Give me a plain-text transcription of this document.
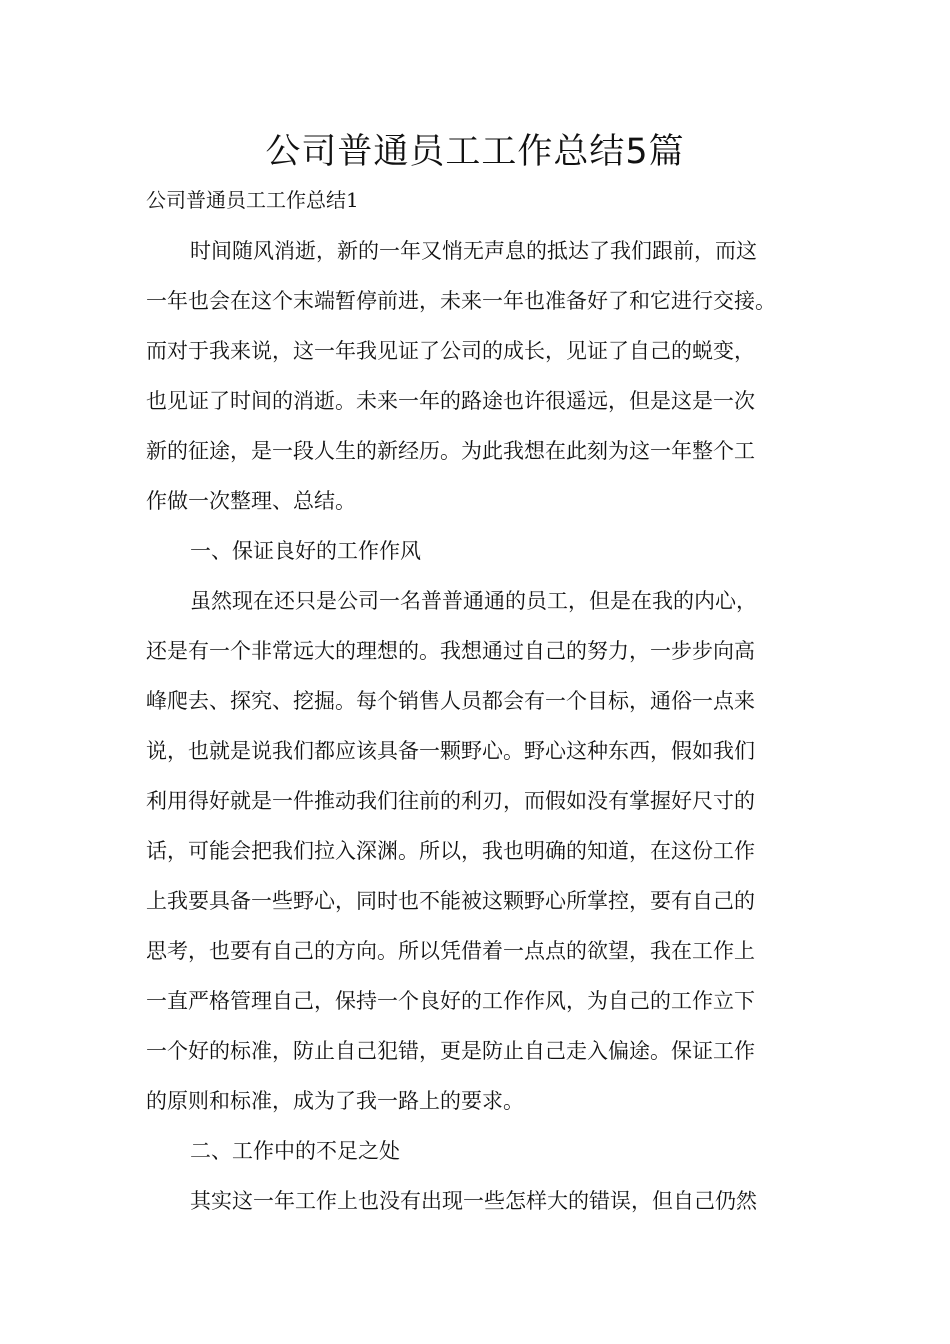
公司普通员工工作总结5篇
公司普通员工工作总结1
时间随风消逝，新的一年又悄无声息的抵达了我们跟前，而这
一年也会在这个末端暂停前进，未来一年也准备好了和它进行交接。
而对于我来说，这一年我见证了公司的成长，见证了自己的蜕变，
也见证了时间的消逝。未来一年的路途也许很遥远，但是这是一次
新的征途，是一段人生的新经历。为此我想在此刻为这一年整个工
作做一次整理、总结。
一、保证良好的工作作风
虽然现在还只是公司一名普普通通的员工，但是在我的内心，
还是有一个非常远大的理想的。我想通过自己的努力，一步步向高
峰爬去、探究、挖掘。每个销售人员都会有一个目标，通俗一点来
说，也就是说我们都应该具备一颗野心。野心这种东西，假如我们
利用得好就是一件推动我们往前的利刃，而假如没有掌握好尺寸的
话，可能会把我们拉入深渊。所以，我也明确的知道，在这份工作
上我要具备一些野心，同时也不能被这颗野心所掌控，要有自己的
思考，也要有自己的方向。所以凭借着一点点的欲望，我在工作上
一直严格管理自己，保持一个良好的工作作风，为自己的工作立下
一个好的标准，防止自己犯错，更是防止自己走入偏途。保证工作
的原则和标准，成为了我一路上的要求。
二、工作中的不足之处
其实这一年工作上也没有出现一些怎样大的错误，但自己仍然
